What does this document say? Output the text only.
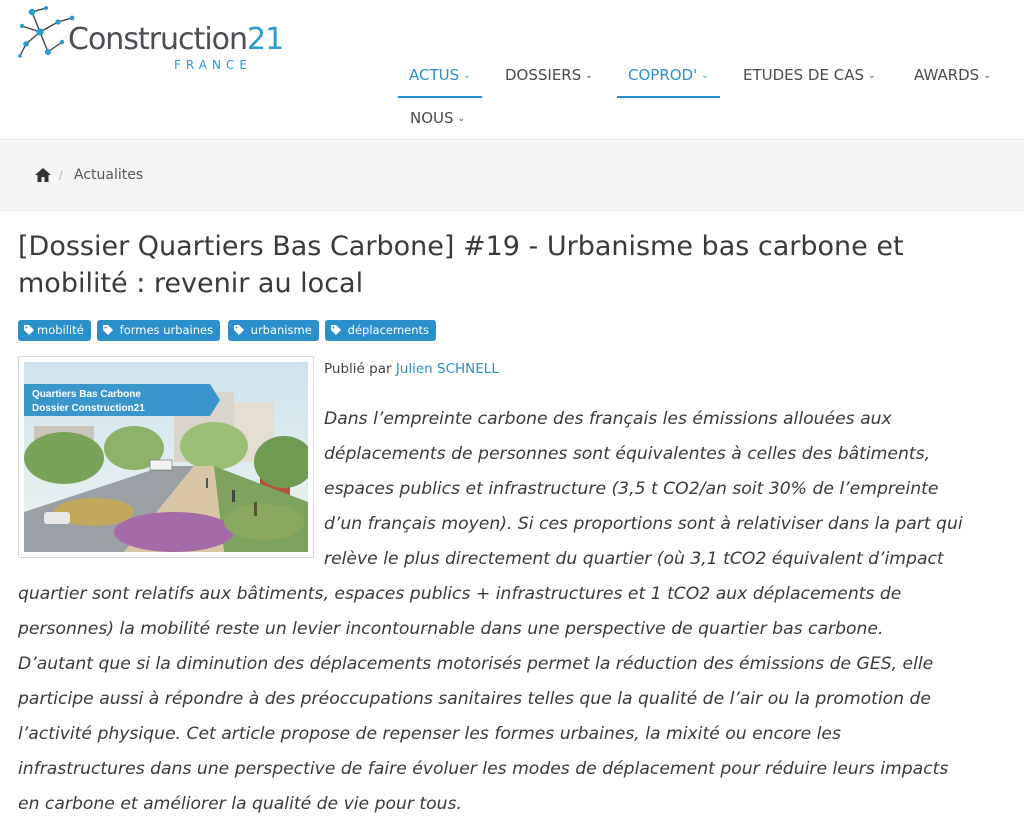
Construction21
FRANCE
ACTUS ⌄	DOSSIERS ⌄	COPROD' ⌄	ETUDES DE CAS ⌄	AWARDS ⌄
NOUS ⌄
/ Actualites
[Dossier Quartiers Bas Carbone] #19 - Urbanisme bas carbone et mobilité : revenir au local
mobilité	formes urbaines	urbanisme	déplacements
Quartiers Bas Carbone
Dossier Construction21
Publié par Julien SCHNELL
Dans l’empreinte carbone des français les émissions allouées aux
déplacements de personnes sont équivalentes à celles des bâtiments,
espaces publics et infrastructure (3,5 t CO2/an soit 30% de l’empreinte
d’un français moyen). Si ces proportions sont à relativiser dans la part qui
relève le plus directement du quartier (où 3,1 tCO2 équivalent d’impact
quartier sont relatifs aux bâtiments, espaces publics + infrastructures et 1 tCO2 aux déplacements de
personnes) la mobilité reste un levier incontournable dans une perspective de quartier bas carbone.
D’autant que si la diminution des déplacements motorisés permet la réduction des émissions de GES, elle
participe aussi à répondre à des préoccupations sanitaires telles que la qualité de l’air ou la promotion de
l’activité physique. Cet article propose de repenser les formes urbaines, la mixité ou encore les
infrastructures dans une perspective de faire évoluer les modes de déplacement pour réduire leurs impacts
en carbone et améliorer la qualité de vie pour tous.
